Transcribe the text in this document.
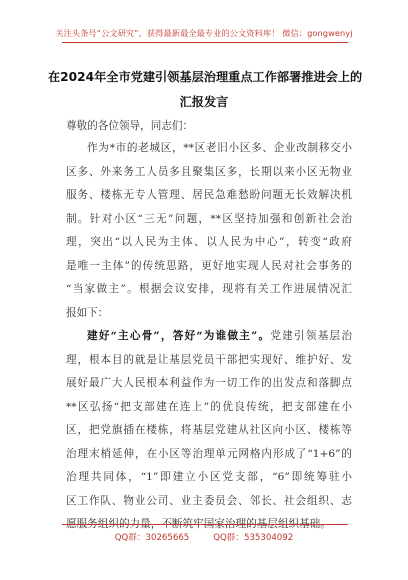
关注头条号“公文研究”，获得最新最全最专业的公文资料库！ 微信：gongwenyj
在2024年全市党建引领基层治理重点工作部署推进会上的
汇报发言
尊敬的各位领导，同志们：
作为*市的老城区，**区老旧小区多、企业改制移交小
区多、外来务工人员多且聚集区多，长期以来小区无物业
服务、楼栋无专人管理、居民急难愁盼问题无长效解决机
制。针对小区“三无”问题，**区坚持加强和创新社会治
理，突出“以人民为主体、以人民为中心”，转变“政府
是唯一主体”的传统思路，更好地实现人民对社会事务的
“当家做主”。根据会议安排，现将有关工作进展情况汇
报如下：
建好“主心骨”，答好“为谁做主”。党建引领基层治
理，根本目的就是让基层党员干部把实现好、维护好、发
展好最广大人民根本利益作为一切工作的出发点和落脚点
**区弘扬“把支部建在连上”的优良传统，把支部建在小
区，把党旗插在楼栋，将基层党建从社区向小区、楼栋等
治理末梢延伸，在小区等治理单元网格内形成了“1+6”的
治理共同体，“1”即建立小区党支部，“6”即统筹驻小
区工作队、物业公司、业主委员会、邻长、社会组织、志
愿服务组织的力量，不断筑牢国家治理的基层组织基础。
QQ群：30265665	QQ群：535304092
